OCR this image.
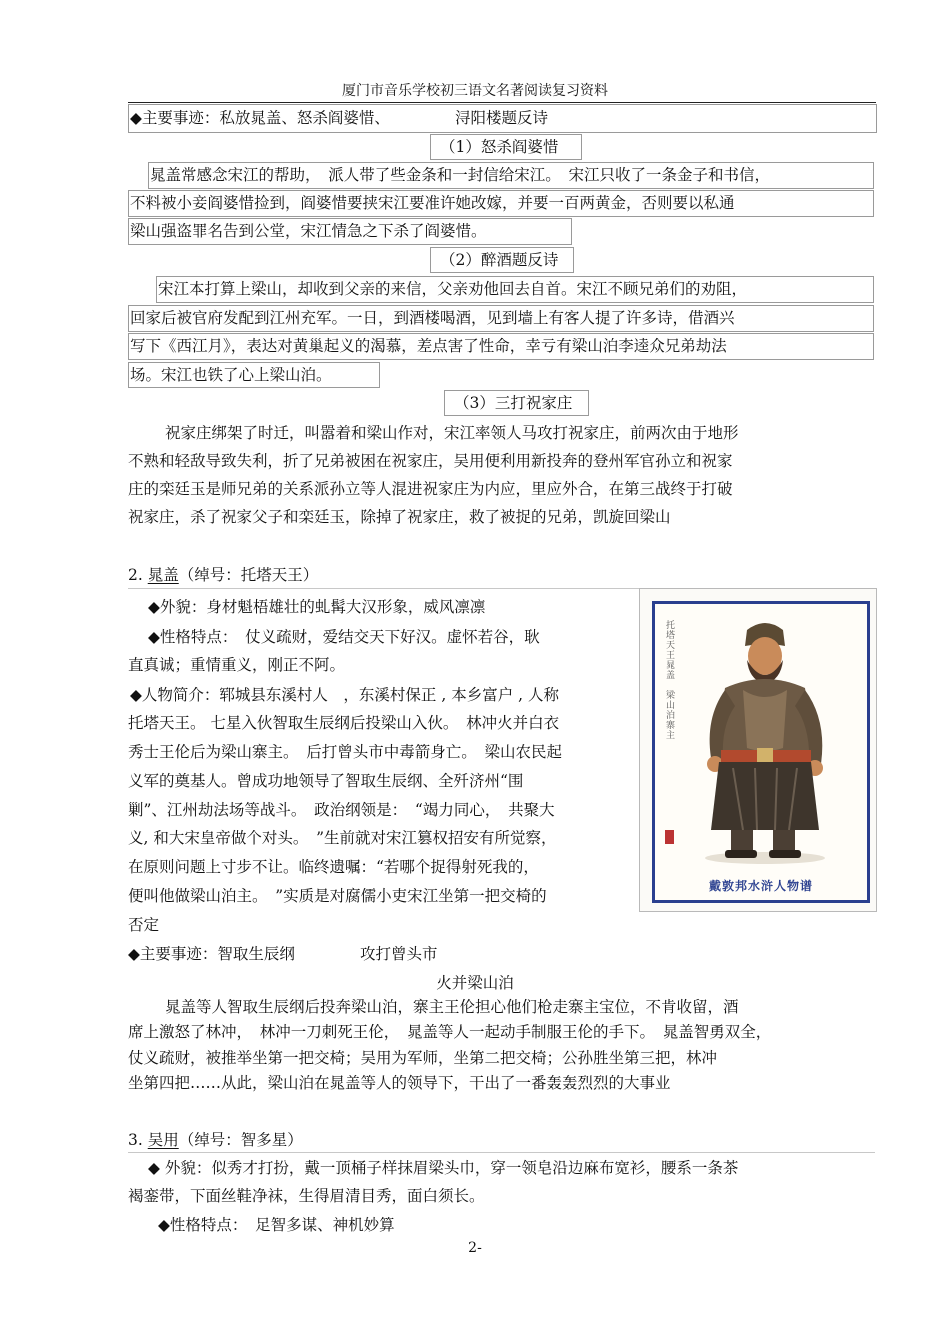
厦门市音乐学校初三语文名著阅读复习资料
◆主要事迹：私放晁盖、怒杀阎婆惜、	浔阳楼题反诗
（1）怒杀阎婆惜
晁盖常感念宋江的帮助，　派人带了些金条和一封信给宋江。　宋江只收了一条金子和书信，
不料被小妾阎婆惜捡到，阎婆惜要挟宋江要准许她改嫁，并要一百两黄金，否则要以私通
梁山强盗罪名告到公堂，宋江情急之下杀了阎婆惜。
（2）醉酒题反诗
宋江本打算上梁山，却收到父亲的来信，父亲劝他回去自首。宋江不顾兄弟们的劝阻，
回家后被官府发配到江州充军。一日，到酒楼喝酒，见到墙上有客人提了许多诗，借酒兴
写下《西江月》，表达对黄巢起义的渴慕，差点害了性命，幸亏有梁山泊李逵众兄弟劫法
场。宋江也铁了心上梁山泊。
（3）三打祝家庄
祝家庄绑架了时迁，叫嚣着和梁山作对，宋江率领人马攻打祝家庄，前两次由于地形
不熟和轻敌导致失利，折了兄弟被困在祝家庄，吴用便利用新投奔的登州军官孙立和祝家
庄的栾廷玉是师兄弟的关系派孙立等人混进祝家庄为内应，里应外合，在第三战终于打破
祝家庄，杀了祝家父子和栾廷玉，除掉了祝家庄，救了被捉的兄弟，凯旋回梁山
2. 晁盖（绰号：托塔天王）
◆外貌：身材魁梧雄壮的虬髯大汉形象，威风凛凛
◆性格特点：　仗义疏财，爱结交天下好汉。虚怀若谷，耿
直真诚；重情重义，刚正不阿。
◆人物简介：郓城县东溪村人　，东溪村保正 , 本乡富户 , 人称
托塔天王。 七星入伙智取生辰纲后投梁山入伙。　林冲火并白衣
秀士王伦后为梁山寨主。　后打曾头市中毒箭身亡。　梁山农民起
义军的奠基人。曾成功地领导了智取生辰纲、全歼济州“围
剿”、江州劫法场等战斗。　政治纲领是：　“竭力同心，　共聚大
义, 和大宋皇帝做个对头。　”生前就对宋江篡权招安有所觉察，
在原则问题上寸步不让。临终遗嘱：“若哪个捉得射死我的，
便叫他做梁山泊主。　”实质是对腐儒小吏宋江坐第一把交椅的
否定
托塔天王晁盖　梁山泊寨主
戴敦邦水浒人物谱
◆主要事迹：智取生辰纲	攻打曾头市
火并梁山泊
晁盖等人智取生辰纲后投奔梁山泊，寨主王伦担心他们枪走寨主宝位，不肯收留，酒
席上激怒了林冲，　林冲一刀刺死王伦，　晁盖等人一起动手制服王伦的手下。　晁盖智勇双全，
仗义疏财，被推举坐第一把交椅；吴用为军师，坐第二把交椅；公孙胜坐第三把，林冲
坐第四把……从此，梁山泊在晁盖等人的领导下，干出了一番轰轰烈烈的大事业
3. 吴用（绰号：智多星）
◆ 外貌：似秀才打扮，戴一顶桶子样抹眉梁头巾，穿一领皂沿边麻布宽衫，腰系一条茶
褐銮带，下面丝鞋净袜，生得眉清目秀，面白须长。
◆性格特点：　足智多谋、神机妙算
2-
